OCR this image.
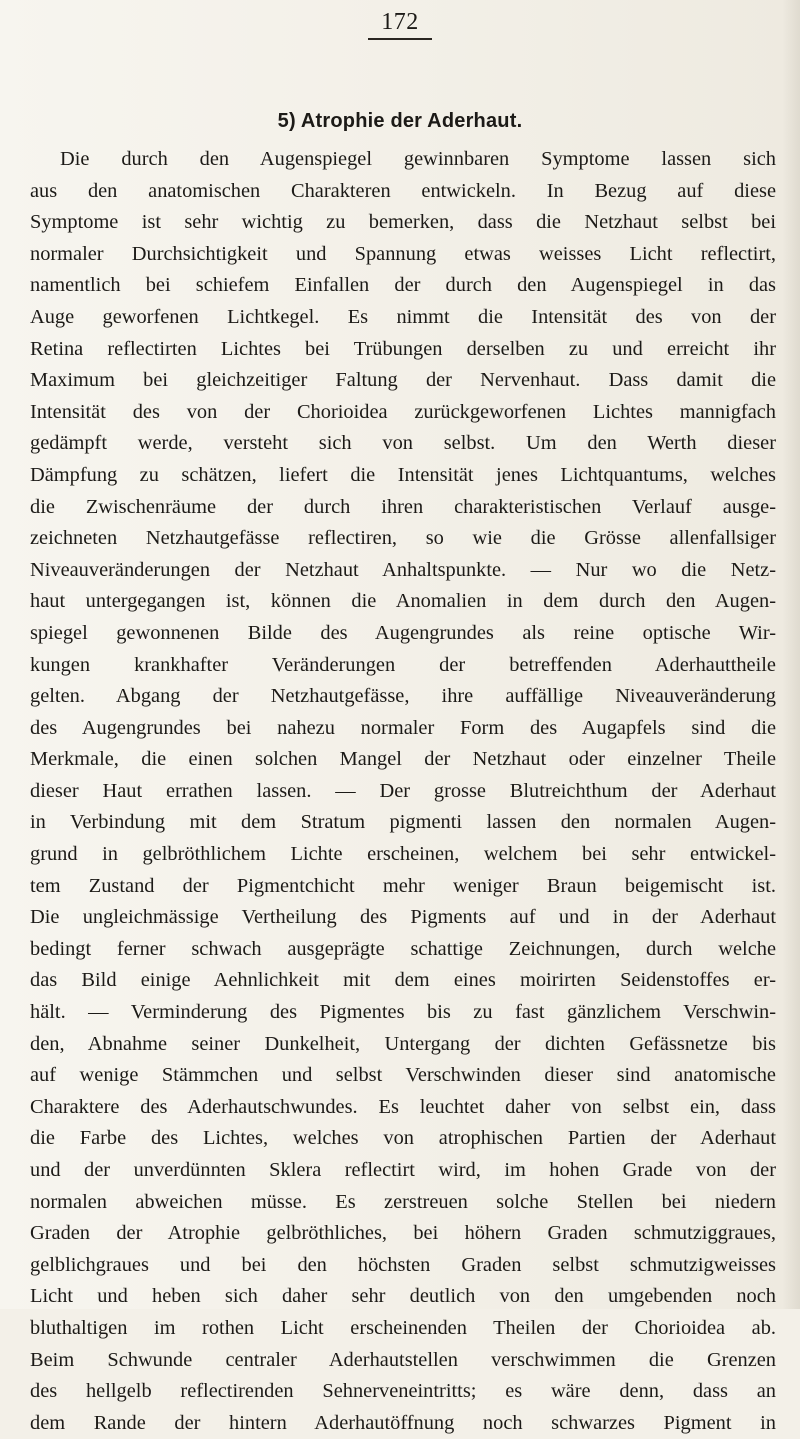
172
5) Atrophie der Aderhaut.
Die durch den Augenspiegel gewinnbaren Symptome lassen sich
aus den anatomischen Charakteren entwickeln. In Bezug auf diese
Symptome ist sehr wichtig zu bemerken, dass die Netzhaut selbst bei
normaler Durchsichtigkeit und Spannung etwas weisses Licht reflectirt,
namentlich bei schiefem Einfallen der durch den Augenspiegel in das
Auge geworfenen Lichtkegel. Es nimmt die Intensität des von der
Retina reflectirten Lichtes bei Trübungen derselben zu und erreicht ihr
Maximum bei gleichzeitiger Faltung der Nervenhaut. Dass damit die
Intensität des von der Chorioidea zurückgeworfenen Lichtes mannigfach
gedämpft werde, versteht sich von selbst. Um den Werth dieser
Dämpfung zu schätzen, liefert die Intensität jenes Lichtquantums, welches
die Zwischenräume der durch ihren charakteristischen Verlauf ausge-
zeichneten Netzhautgefässe reflectiren, so wie die Grösse allenfallsiger
Niveauveränderungen der Netzhaut Anhaltspunkte. — Nur wo die Netz-
haut untergegangen ist, können die Anomalien in dem durch den Augen-
spiegel gewonnenen Bilde des Augengrundes als reine optische Wir-
kungen krankhafter Veränderungen der betreffenden Aderhauttheile
gelten. Abgang der Netzhautgefässe, ihre auffällige Niveauveränderung
des Augengrundes bei nahezu normaler Form des Augapfels sind die
Merkmale, die einen solchen Mangel der Netzhaut oder einzelner Theile
dieser Haut errathen lassen. — Der grosse Blutreichthum der Aderhaut
in Verbindung mit dem Stratum pigmenti lassen den normalen Augen-
grund in gelbröthlichem Lichte erscheinen, welchem bei sehr entwickel-
tem Zustand der Pigmentchicht mehr weniger Braun beigemischt ist.
Die ungleichmässige Vertheilung des Pigments auf und in der Aderhaut
bedingt ferner schwach ausgeprägte schattige Zeichnungen, durch welche
das Bild einige Aehnlichkeit mit dem eines moirirten Seidenstoffes er-
hält. — Verminderung des Pigmentes bis zu fast gänzlichem Verschwin-
den, Abnahme seiner Dunkelheit, Untergang der dichten Gefässnetze bis
auf wenige Stämmchen und selbst Verschwinden dieser sind anatomische
Charaktere des Aderhautschwundes. Es leuchtet daher von selbst ein, dass
die Farbe des Lichtes, welches von atrophischen Partien der Aderhaut
und der unverdünnten Sklera reflectirt wird, im hohen Grade von der
normalen abweichen müsse. Es zerstreuen solche Stellen bei niedern
Graden der Atrophie gelbröthliches, bei höhern Graden schmutziggraues,
gelblichgraues und bei den höchsten Graden selbst schmutzigweisses
Licht und heben sich daher sehr deutlich von den umgebenden noch
bluthaltigen im rothen Licht erscheinenden Theilen der Chorioidea ab.
Beim Schwunde centraler Aderhautstellen verschwimmen die Grenzen
des hellgelb reflectirenden Sehnerveneintritts; es wäre denn, dass an
dem Rande der hintern Aderhautöffnung noch schwarzes Pigment in
